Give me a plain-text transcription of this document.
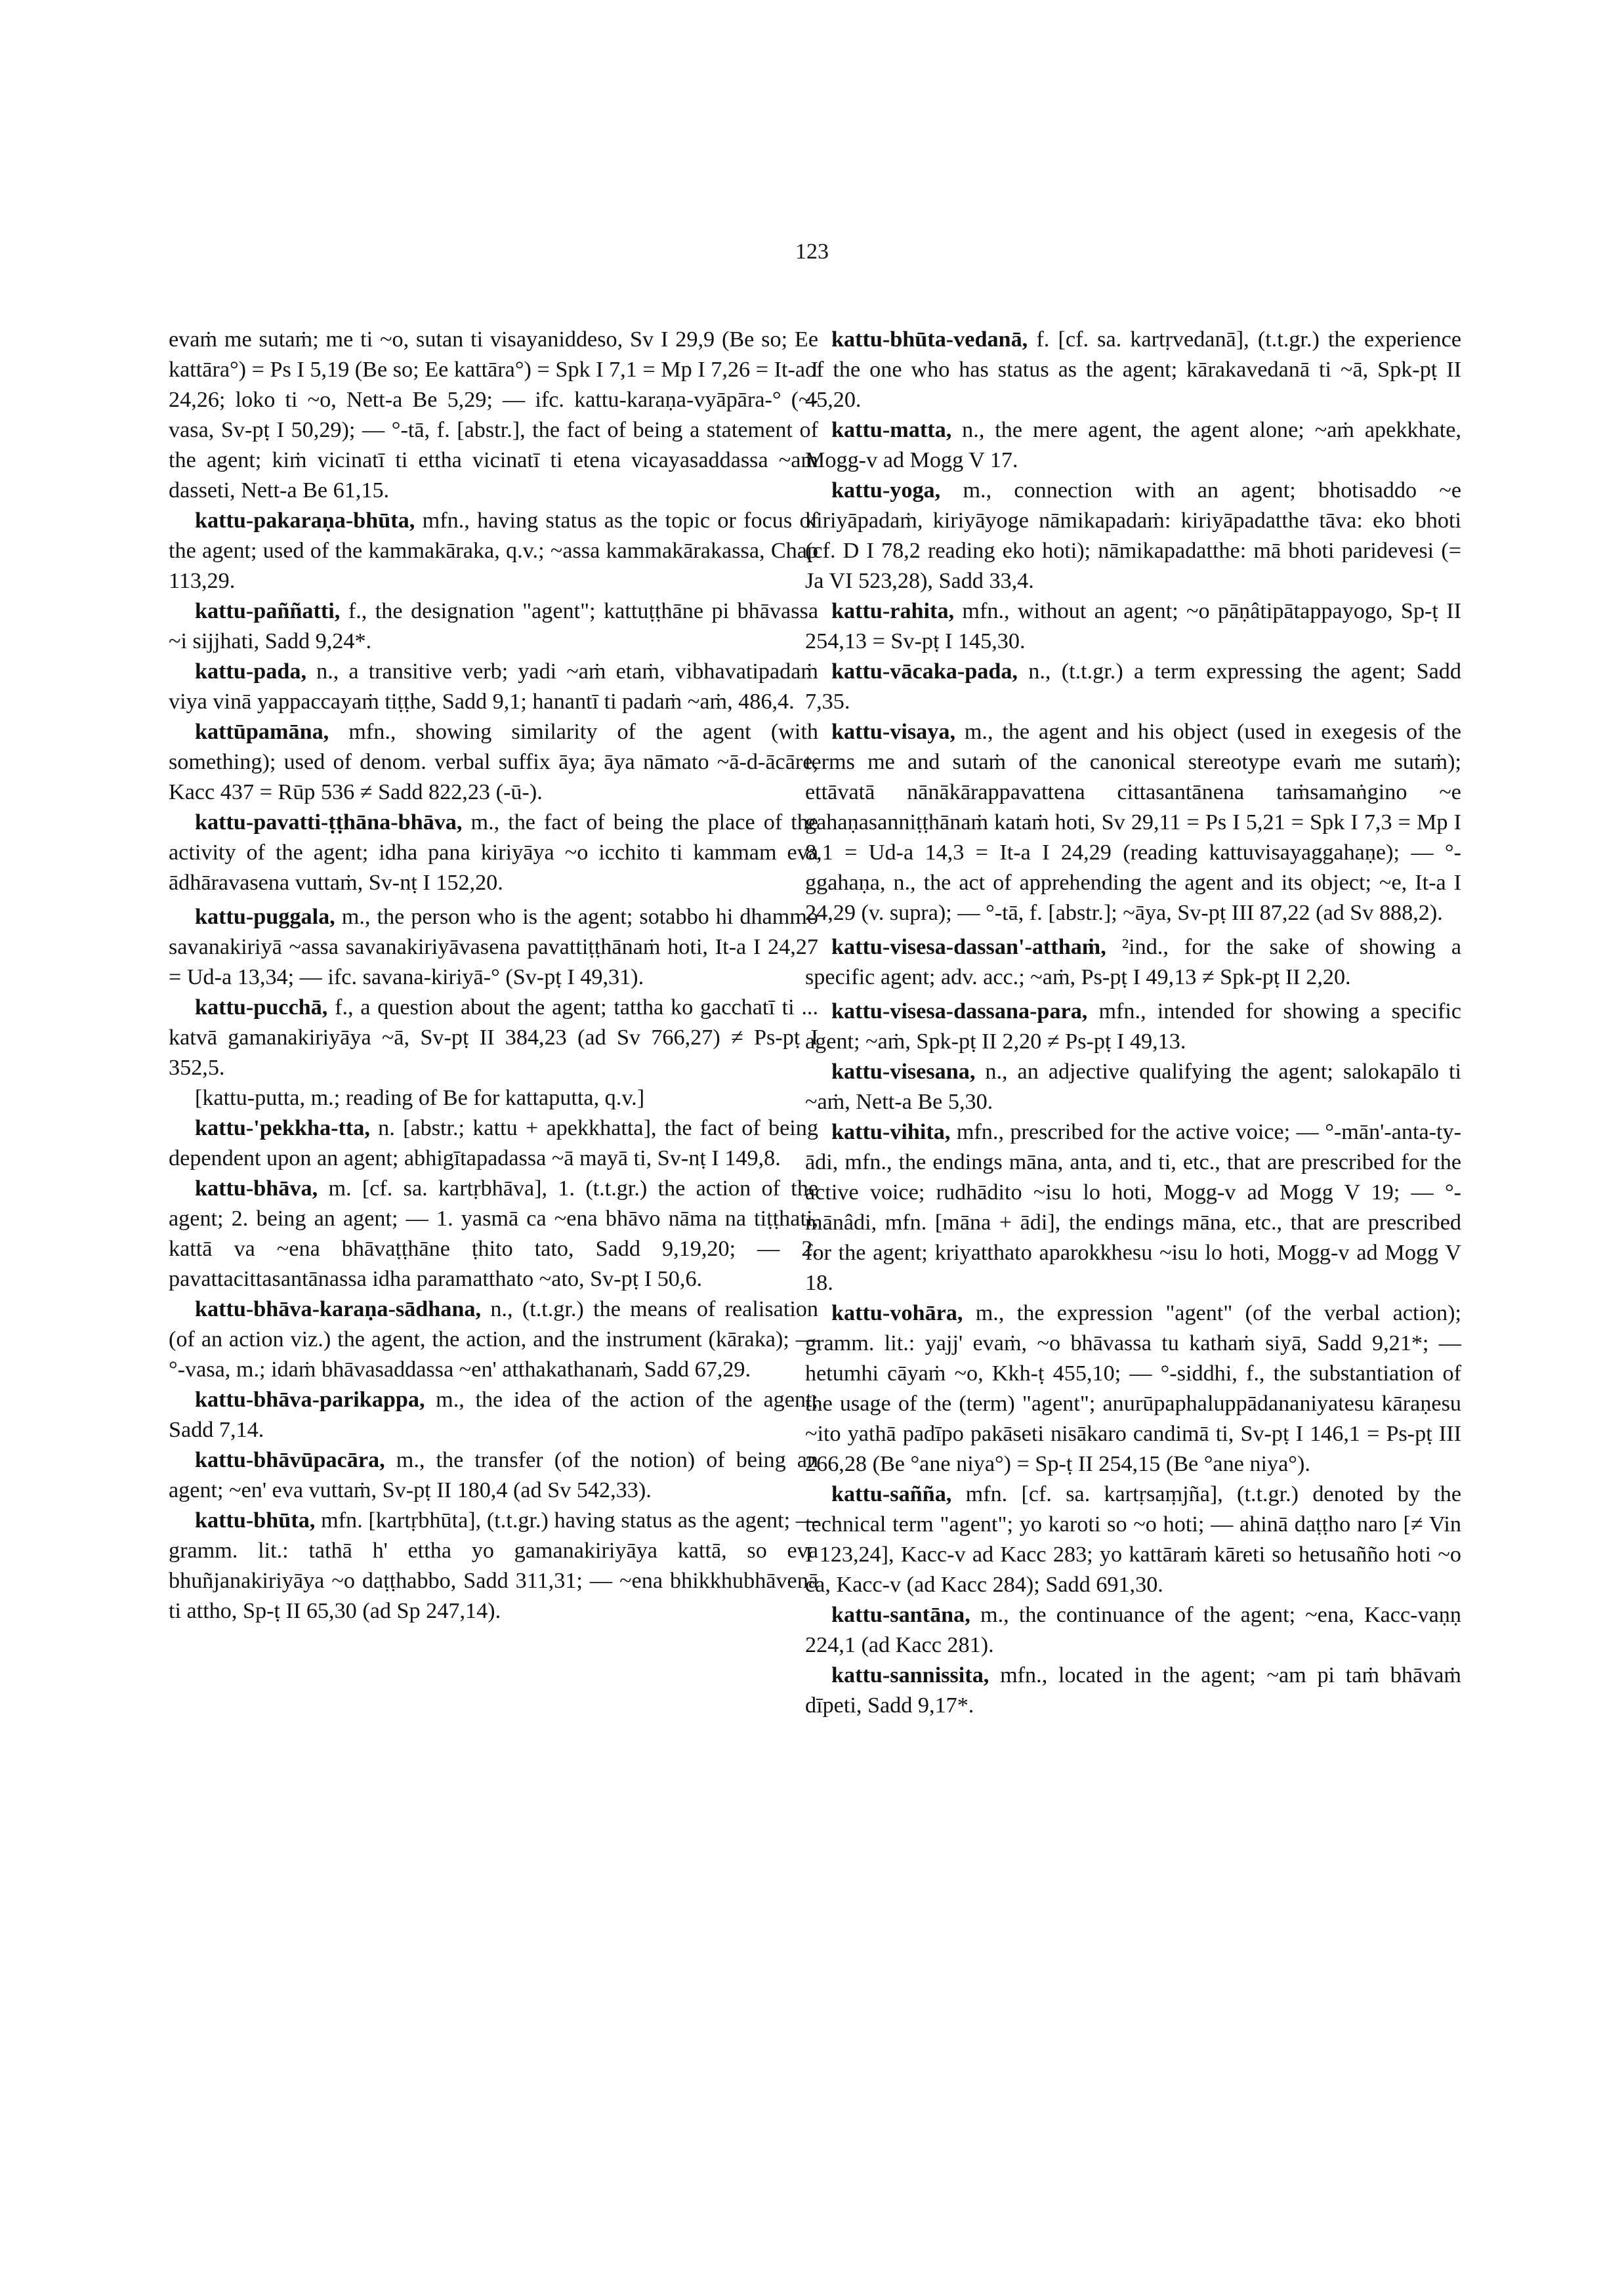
123

evaṁ me sutaṁ; me ti ~o, sutan ti visayaniddeso, Sv I 29,9 (Be so; Ee kattāra°) = Ps I 5,19 (Be so; Ee kattāra°) = Spk I 7,1 = Mp I 7,26 = It-a I 24,26; loko ti ~o, Nett-a Be 5,29; — ifc. kattu-karaṇa-vyāpāra-° (~-vasa, Sv-pṭ I 50,29); — °-tā, f. [abstr.], the fact of being a statement of the agent; kiṁ vicinatī ti ettha vicinatī ti etena vicayasaddassa ~aṁ dasseti, Nett-a Be 61,15.

kattu-pakaraṇa-bhūta, mfn., having status as the topic or focus of the agent; used of the kammakāraka, q.v.; ~assa kammakārakassa, Chap 113,29.

kattu-paññatti, f., the designation "agent"; kattuṭṭhāne pi bhāvassa ~i sijjhati, Sadd 9,24*.

kattu-pada, n., a transitive verb; yadi ~aṁ etaṁ, vibhavatipadaṁ viya vinā yappaccayaṁ tiṭṭhe, Sadd 9,1; hanantī ti padaṁ ~aṁ, 486,4.

kattūpamāna, mfn., showing similarity of the agent (with something); used of denom. verbal suffix āya; āya nāmato ~ā-d-ācāre, Kacc 437 = Rūp 536 ≠ Sadd 822,23 (-ū-).

kattu-pavatti-ṭṭhāna-bhāva, m., the fact of being the place of the activity of the agent; idha pana kiriyāya ~o icchito ti kammam eva ādhāravasena vuttaṁ, Sv-nṭ I 152,20.

kattu-puggala, m., the person who is the agent; sotabbo hi dhammo savanakiriyā ~assa savanakiriyāvasena pavattiṭṭhānaṁ hoti, It-a I 24,27 = Ud-a 13,34; — ifc. savana-kiriyā-° (Sv-pṭ I 49,31).

kattu-pucchā, f., a question about the agent; tattha ko gacchatī ti ... katvā gamanakiriyāya ~ā, Sv-pṭ II 384,23 (ad Sv 766,27) ≠ Ps-pṭ I 352,5.

[kattu-putta, m.; reading of Be for kattaputta, q.v.]

kattu-'pekkha-tta, n. [abstr.; kattu + apekkhatta], the fact of being dependent upon an agent; abhigītapadassa ~ā mayā ti, Sv-nṭ I 149,8.

kattu-bhāva, m. [cf. sa. kartṛbhāva], 1. (t.t.gr.) the action of the agent; 2. being an agent; — 1. yasmā ca ~ena bhāvo nāma na tiṭṭhati, kattā va ~ena bhāvaṭṭhāne ṭhito tato, Sadd 9,19,20; — 2. pavattacittasantānassa idha paramatthato ~ato, Sv-pṭ I 50,6.

kattu-bhāva-karaṇa-sādhana, n., (t.t.gr.) the means of realisation (of an action viz.) the agent, the action, and the instrument (kāraka); — °-vasa, m.; idaṁ bhāvasaddassa ~en' atthakathanaṁ, Sadd 67,29.

kattu-bhāva-parikappa, m., the idea of the action of the agent; Sadd 7,14.

kattu-bhāvūpacāra, m., the transfer (of the notion) of being an agent; ~en' eva vuttaṁ, Sv-pṭ II 180,4 (ad Sv 542,33).

kattu-bhūta, mfn. [kartṛbhūta], (t.t.gr.) having status as the agent; — gramm. lit.: tathā h' ettha yo gamanakiriyāya kattā, so eva bhuñjanakiriyāya ~o daṭṭhabbo, Sadd 311,31; — ~ena bhikkhubhāvenā ti attho, Sp-ṭ II 65,30 (ad Sp 247,14).

kattu-bhūta-vedanā, f. [cf. sa. kartṛvedanā], (t.t.gr.) the experience of the one who has status as the agent; kārakavedanā ti ~ā, Spk-pṭ II 45,20.

kattu-matta, n., the mere agent, the agent alone; ~aṁ apekkhate, Mogg-v ad Mogg V 17.

kattu-yoga, m., connection with an agent; bhotisaddo ~e kiriyāpadaṁ, kiriyāyoge nāmikapadaṁ: kiriyāpadatthe tāva: eko bhoti (cf. D I 78,2 reading eko hoti); nāmikapadatthe: mā bhoti paridevesi (= Ja VI 523,28), Sadd 33,4.

kattu-rahita, mfn., without an agent; ~o pāṇâtipātappayogo, Sp-ṭ II 254,13 = Sv-pṭ I 145,30.

kattu-vācaka-pada, n., (t.t.gr.) a term expressing the agent; Sadd 7,35.

kattu-visaya, m., the agent and his object (used in exegesis of the terms me and sutaṁ of the canonical stereotype evaṁ me sutaṁ); ettāvatā nānākārappavattena cittasantānena taṁsamaṅgino ~e gahaṇasanniṭṭhānaṁ kataṁ hoti, Sv 29,11 = Ps I 5,21 = Spk I 7,3 = Mp I 8,1 = Ud-a 14,3 = It-a I 24,29 (reading kattuvisayaggahaṇe); — °-ggahaṇa, n., the act of apprehending the agent and its object; ~e, It-a I 24,29 (v. supra); — °-tā, f. [abstr.]; ~āya, Sv-pṭ III 87,22 (ad Sv 888,2).

kattu-visesa-dassan'-atthaṁ, ²ind., for the sake of showing a specific agent; adv. acc.; ~aṁ, Ps-pṭ I 49,13 ≠ Spk-pṭ II 2,20.

kattu-visesa-dassana-para, mfn., intended for showing a specific agent; ~aṁ, Spk-pṭ II 2,20 ≠ Ps-pṭ I 49,13.

kattu-visesana, n., an adjective qualifying the agent; salokapālo ti ~aṁ, Nett-a Be 5,30.

kattu-vihita, mfn., prescribed for the active voice; — °-mān'-anta-ty-ādi, mfn., the endings māna, anta, and ti, etc., that are prescribed for the active voice; rudhādito ~isu lo hoti, Mogg-v ad Mogg V 19; — °-mānâdi, mfn. [māna + ādi], the endings māna, etc., that are prescribed for the agent; kriyatthato aparokkhesu ~isu lo hoti, Mogg-v ad Mogg V 18.

kattu-vohāra, m., the expression "agent" (of the verbal action); gramm. lit.: yajj' evaṁ, ~o bhāvassa tu kathaṁ siyā, Sadd 9,21*; — hetumhi cāyaṁ ~o, Kkh-ṭ 455,10; — °-siddhi, f., the substantiation of the usage of the (term) "agent"; anurūpaphaluppādananiyatesu kāraṇesu ~ito yathā padīpo pakāseti nisākaro candimā ti, Sv-pṭ I 146,1 = Ps-pṭ III 266,28 (Be °ane niya°) = Sp-ṭ II 254,15 (Be °ane niya°).

kattu-sañña, mfn. [cf. sa. kartṛsaṃjña], (t.t.gr.) denoted by the technical term "agent"; yo karoti so ~o hoti; — ahinā daṭṭho naro [≠ Vin I 123,24], Kacc-v ad Kacc 283; yo kattāraṁ kāreti so hetusañño hoti ~o ca, Kacc-v (ad Kacc 284); Sadd 691,30.

kattu-santāna, m., the continuance of the agent; ~ena, Kacc-vaṇṇ 224,1 (ad Kacc 281).

kattu-sannissita, mfn., located in the agent; ~am pi taṁ bhāvaṁ dīpeti, Sadd 9,17*.
